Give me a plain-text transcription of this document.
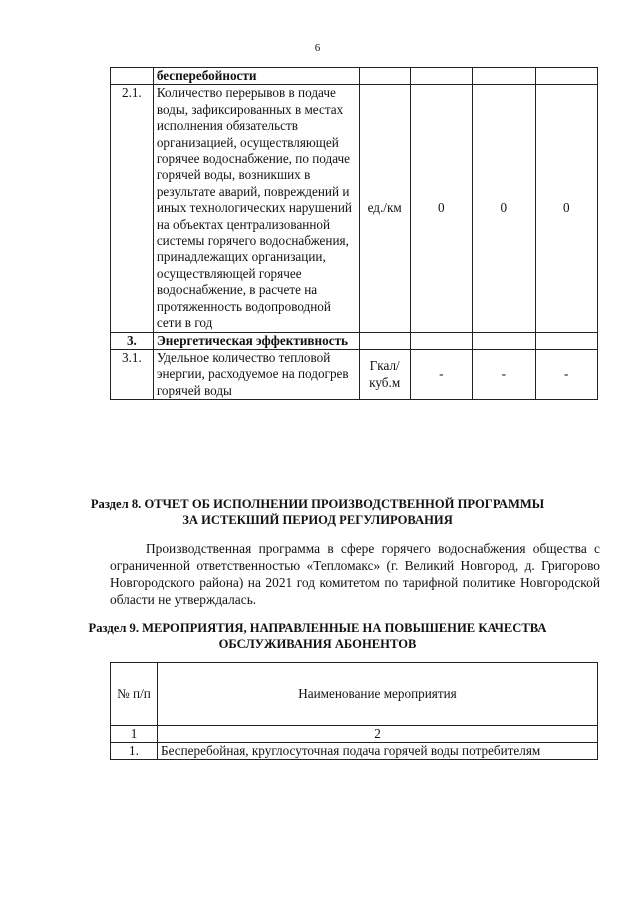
6
	бесперебойности				
2.1.	Количество перерывов в подаче воды, зафиксированных в местах исполнения обязательств организацией, осуществляющей горячее водоснабжение, по подаче горячей воды, возникших в результате аварий, повреждений и иных технологических нарушений на объектах централизованной системы горячего водоснабжения, принадлежащих организации, осуществляющей горячее водоснабжение, в расчете на протяженность водопроводной сети в год	ед./км	0	0	0
3.	Энергетическая эффективность				
3.1.	Удельное количество тепловой энергии, расходуемое на подогрев горячей воды	Гкал/куб.м	-	-	-
Раздел 8. ОТЧЕТ ОБ ИСПОЛНЕНИИ ПРОИЗВОДСТВЕННОЙ ПРОГРАММЫ
ЗА ИСТЕКШИЙ ПЕРИОД РЕГУЛИРОВАНИЯ
Производственная программа в сфере горячего водоснабжения общества с ограниченной ответственностью «Тепломакс» (г. Великий Новгород, д. Григорово Новгородского района) на 2021 год комитетом по тарифной политике Новгородской области не утверждалась.
Раздел 9. МЕРОПРИЯТИЯ, НАПРАВЛЕННЫЕ НА ПОВЫШЕНИЕ КАЧЕСТВА
ОБСЛУЖИВАНИЯ АБОНЕНТОВ
№ п/п	Наименование мероприятия
1	2
1.	Бесперебойная, круглосуточная подача горячей воды потребителям
